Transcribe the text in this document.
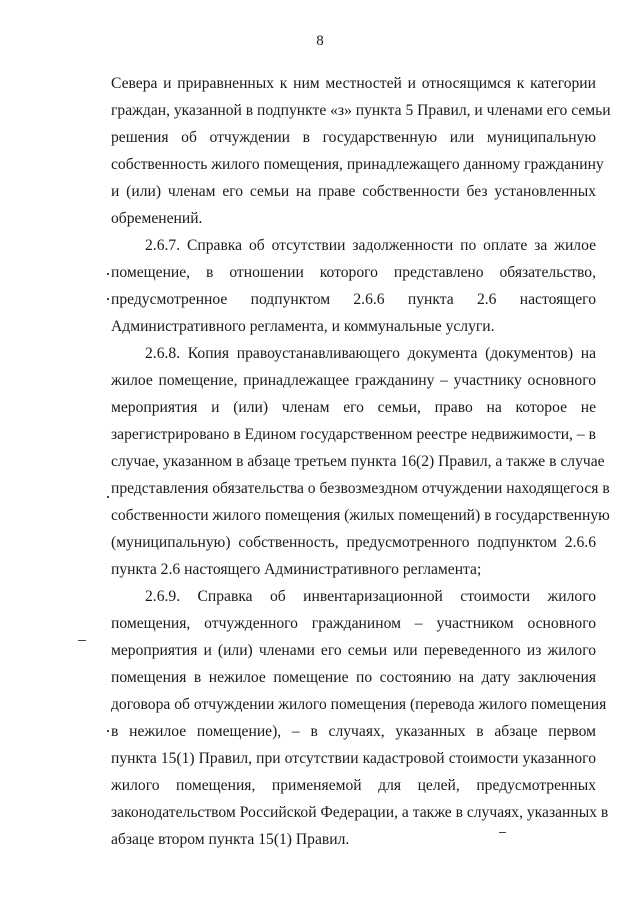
8
Севера и приравненных к ним местностей и относящимся к категории
граждан, указанной в подпункте «з» пункта 5 Правил, и членами его семьи
решения об отчуждении в государственную или муниципальную
собственность жилого помещения, принадлежащего данному гражданину
и (или) членам его семьи на праве собственности без установленных
обременений.
2.6.7. Справка об отсутствии задолженности по оплате за жилое
помещение, в отношении которого представлено обязательство,
предусмотренное подпунктом 2.6.6 пункта 2.6 настоящего
Административного регламента, и коммунальные услуги.
2.6.8. Копия правоустанавливающего документа (документов) на
жилое помещение, принадлежащее гражданину – участнику основного
мероприятия и (или) членам его семьи, право на которое не
зарегистрировано в Едином государственном реестре недвижимости, – в
случае, указанном в абзаце третьем пункта 16(2) Правил, а также в случае
представления обязательства о безвозмездном отчуждении находящегося в
собственности жилого помещения (жилых помещений) в государственную
(муниципальную) собственность, предусмотренного подпунктом 2.6.6
пункта 2.6 настоящего Административного регламента;
2.6.9. Справка об инвентаризационной стоимости жилого
помещения, отчужденного гражданином – участником основного
мероприятия и (или) членами его семьи или переведенного из жилого
помещения в нежилое помещение по состоянию на дату заключения
договора об отчуждении жилого помещения (перевода жилого помещения
в нежилое помещение), – в случаях, указанных в абзаце первом
пункта 15(1) Правил, при отсутствии кадастровой стоимости указанного
жилого помещения, применяемой для целей, предусмотренных
законодательством Российской Федерации, а также в случаях, указанных в
абзаце втором пункта 15(1) Правил.
